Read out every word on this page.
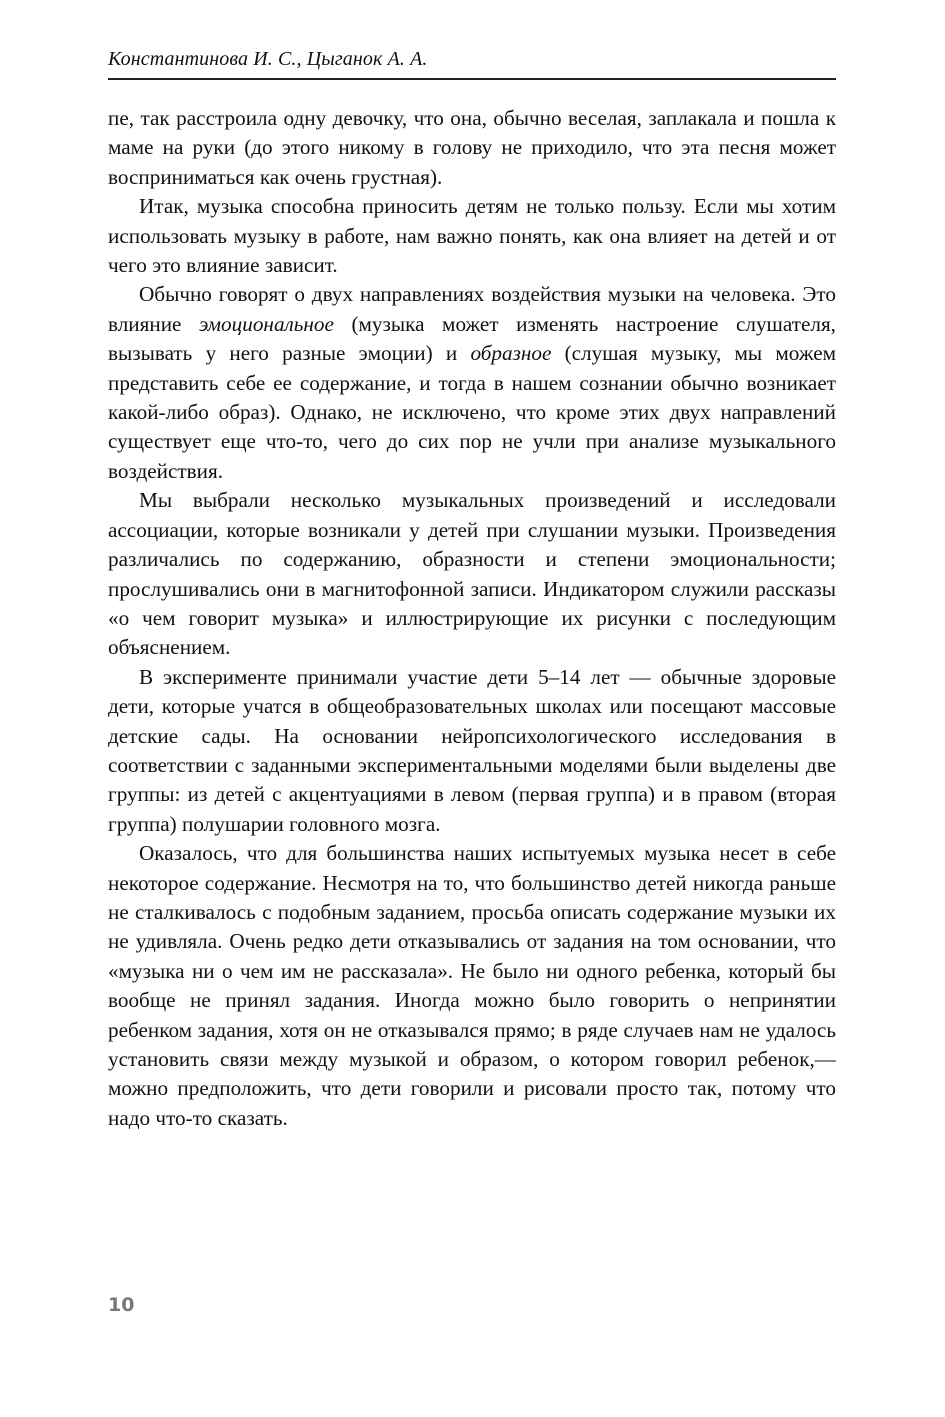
Константинова И. С., Цыганок А. А.

пе, так расстроила одну девочку, что она, обычно веселая, заплакала и пошла к маме на руки (до этого никому в голову не приходило, что эта песня может восприниматься как очень грустная).

Итак, музыка способна приносить детям не только пользу. Если мы хотим использовать музыку в работе, нам важно понять, как она влияет на детей и от чего это влияние зависит.

Обычно говорят о двух направлениях воздействия музыки на человека. Это влияние эмоциональное (музыка может изменять настроение слушателя, вызывать у него разные эмоции) и образное (слушая музыку, мы можем представить себе ее содержание, и тогда в нашем сознании обычно возникает какой-либо образ). Однако, не исключено, что кроме этих двух направлений существует еще что-то, чего до сих пор не учли при анализе музыкального воздействия.

Мы выбрали несколько музыкальных произведений и исследовали ассоциации, которые возникали у детей при слушании музыки. Произведения различались по содержанию, образности и степени эмоциональности; прослушивались они в магнитофонной записи. Индикатором служили рассказы «о чем говорит музыка» и иллюстрирующие их рисунки с последующим объяснением.

В эксперименте принимали участие дети 5–14 лет — обычные здоровые дети, которые учатся в общеобразовательных школах или посещают массовые детские сады. На основании нейропсихологического исследования в соответствии с заданными экспериментальными моделями были выделены две группы: из детей с акцентуациями в левом (первая группа) и в правом (вторая группа) полушарии головного мозга.

Оказалось, что для большинства наших испытуемых музыка несет в себе некоторое содержание. Несмотря на то, что большинство детей никогда раньше не сталкивалось с подобным заданием, просьба описать содержание музыки их не удивляла. Очень редко дети отказывались от задания на том основании, что «музыка ни о чем им не рассказала». Не было ни одного ребенка, который бы вообще не принял задания. Иногда можно было говорить о непринятии ребенком задания, хотя он не отказывался прямо; в ряде случаев нам не удалось установить связи между музыкой и образом, о котором говорил ребенок,— можно предположить, что дети говорили и рисовали просто так, потому что надо что-то сказать.

10
